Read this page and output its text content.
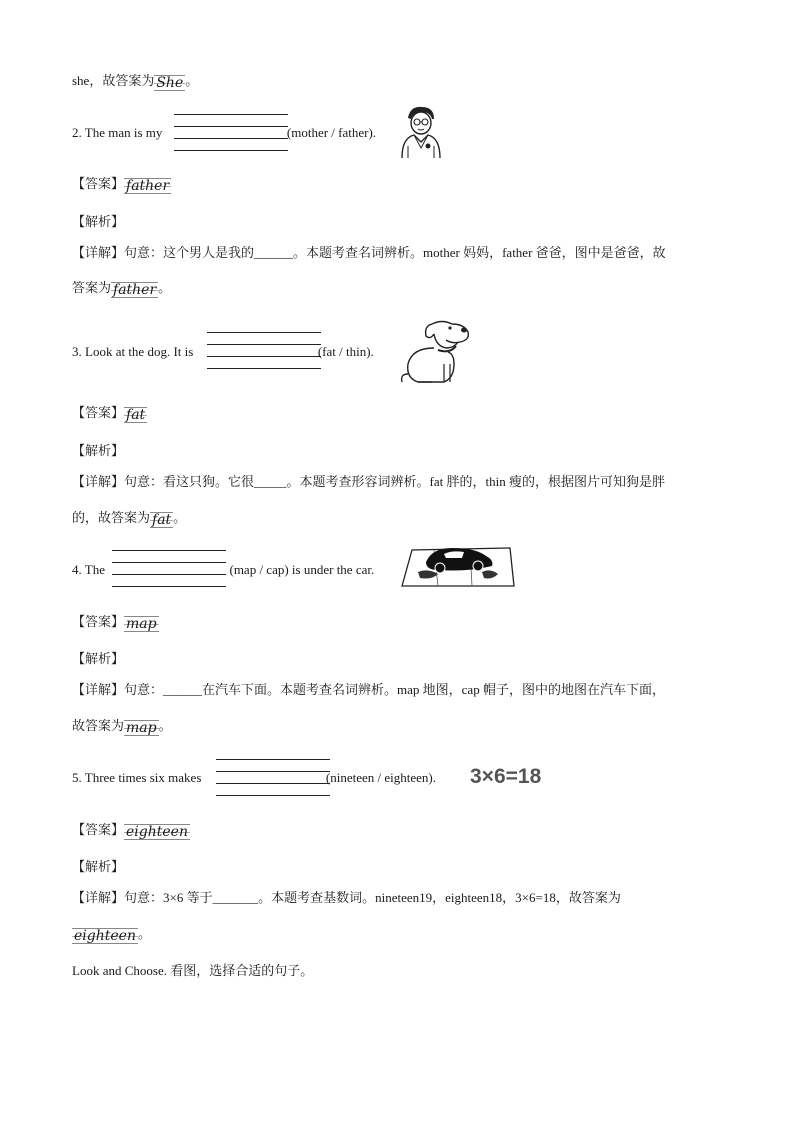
she，故答案为 She 。
2. The man is my	(mother / father).
【答案】 father
【解析】
【详解】句意：这个男人是我的______。本题考查名词辨析。mother 妈妈，father 爸爸，图中是爸爸，故
答案为 father 。
3. Look at the dog. It is	(fat / thin).
【答案】 fat
【解析】
【详解】句意：看这只狗。它很_____。本题考查形容词辨析。fat 胖的，thin 瘦的，根据图片可知狗是胖
的，故答案为 fat 。
4. The	(map / cap) is under the car.
【答案】 map
【解析】
【详解】句意：______在汽车下面。本题考查名词辨析。map 地图，cap 帽子，图中的地图在汽车下面，
故答案为 map 。
5. Three times six makes	(nineteen / eighteen). 3×6=18
【答案】 eighteen
【解析】
【详解】句意：3×6 等于_______。本题考查基数词。nineteen19，eighteen18，3×6=18，故答案为
eighteen 。
Look and Choose. 看图，选择合适的句子。
